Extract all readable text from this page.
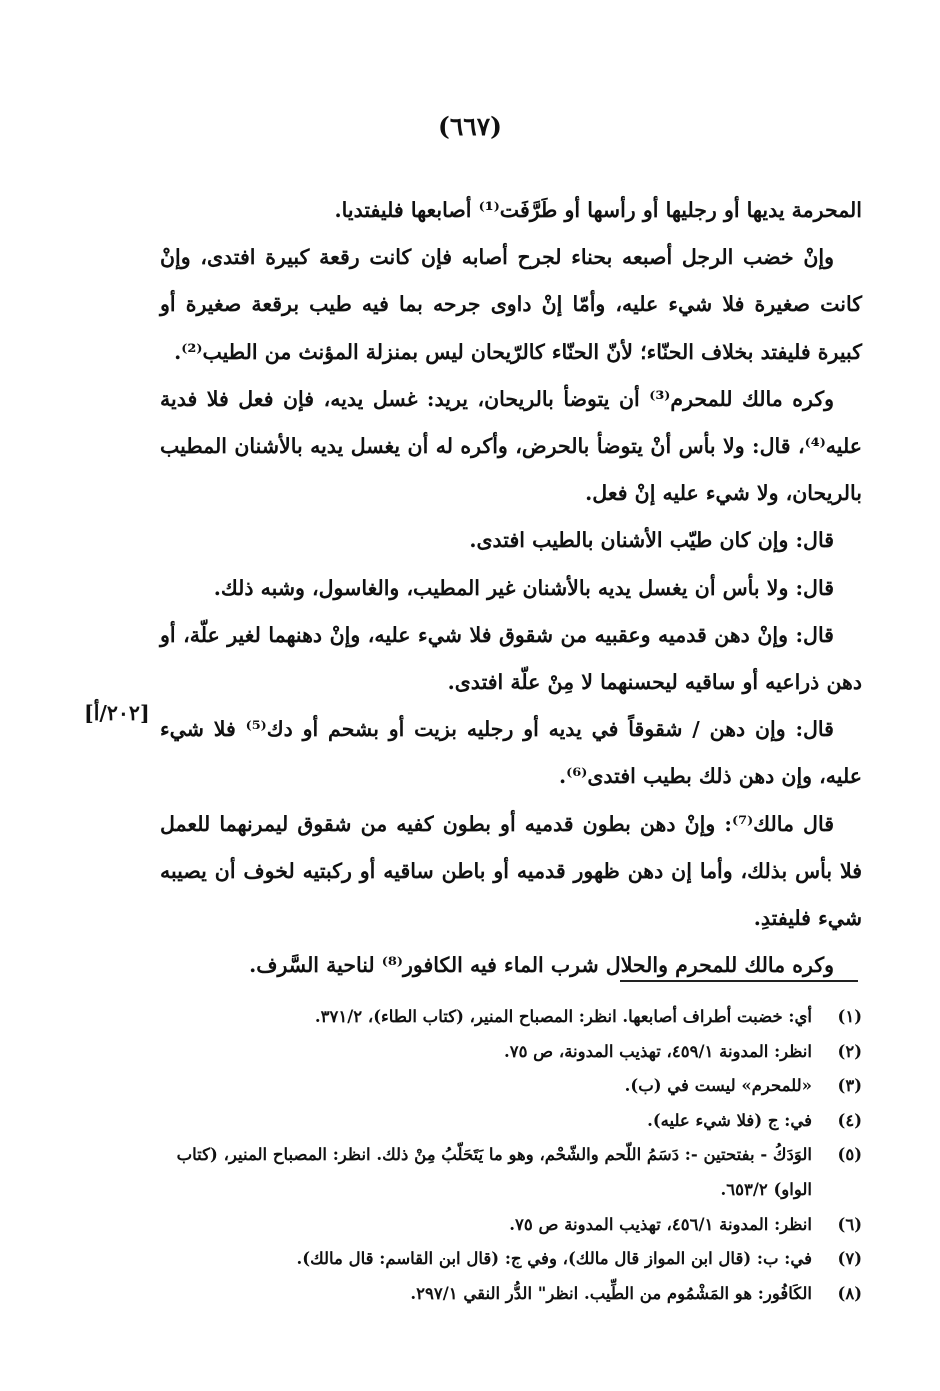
(٦٦٧)

المحرمة يديها أو رجليها أو رأسها أو طَرَّفَت⁽¹⁾ أصابعها فليفتديا.

وإنْ خضب الرجل أصبعه بحناء لجرح أصابه فإن كانت رقعة كبيرة افتدى، وإنْ كانت صغيرة فلا شيء عليه، وأمّا إنْ داوى جرحه بما فيه طيب برقعة صغيرة أو كبيرة فليفتد بخلاف الحنّاء؛ لأنّ الحنّاء كالرّيحان ليس بمنزلة المؤنث من الطيب⁽²⁾.

وكره مالك للمحرم⁽³⁾ أن يتوضأ بالريحان، يريد: غسل يديه، فإن فعل فلا فدية عليه⁽⁴⁾، قال: ولا بأس أنْ يتوضأ بالحرض، وأكره له أن يغسل يديه بالأشنان المطيب بالريحان، ولا شيء عليه إنْ فعل.

قال: وإن كان طيّب الأشنان بالطيب افتدى.

قال: ولا بأس أن يغسل يديه بالأشنان غير المطيب، والغاسول، وشبه ذلك.

قال: وإنْ دهن قدميه وعقبيه من شقوق فلا شيء عليه، وإنْ دهنهما لغير علّة، أو دهن ذراعيه أو ساقيه ليحسنهما لا مِنْ علّة افتدى.

قال: وإن دهن / شقوقاً في يديه أو رجليه بزيت أو بشحم أو دك⁽⁵⁾ فلا شيء عليه، وإن دهن ذلك بطيب افتدى⁽⁶⁾.

قال مالك⁽⁷⁾: وإنْ دهن بطون قدميه أو بطون كفيه من شقوق ليمرنهما للعمل فلا بأس بذلك، وأما إن دهن ظهور قدميه أو باطن ساقيه أو ركبتيه لخوف أن يصيبه شيء فليفتدِ.

وكره مالك للمحرم والحلال شرب الماء فيه الكافور⁽⁸⁾ لناحية السَّرف.

[٢٠٢/أ]
(١)
أي: خضبت أطراف أصابعها. انظر: المصباح المنير، (كتاب الطاء)، ٣٧١/٢.
(٢)
انظر: المدونة ٤٥٩/١، تهذيب المدونة، ص ٧٥.
(٣)
«للمحرم» ليست في (ب).
(٤)
في: ج (فلا شيء عليه).
(٥)
الوَدَكُ - بفتحتين -: دَسَمُ اللّحم والشّحْم، وهو ما يَتَحَلّبُ مِنْ ذلك. انظر: المصباح المنير، (كتاب الواو) ٦٥٣/٢.
(٦)
انظر: المدونة ٤٥٦/١، تهذيب المدونة ص ٧٥.
(٧)
في: ب: (قال ابن المواز قال مالك)، وفي ج: (قال ابن القاسم: قال مالك).
(٨)
الكَافُور: هو المَشْمُوم من الطِّيب. انظر" الدُّر النقي ٢٩٧/١.
